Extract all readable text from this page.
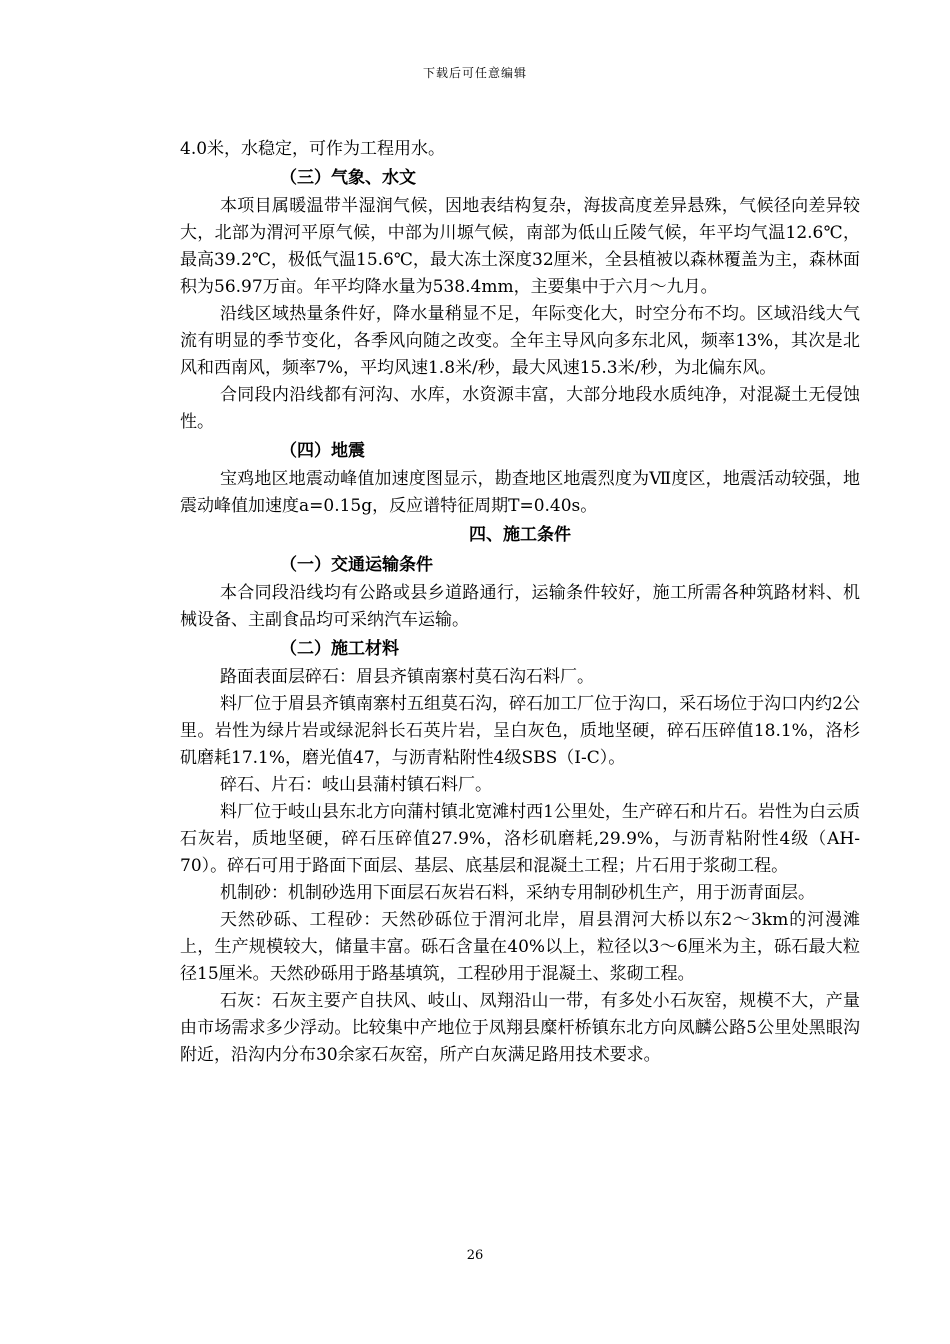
下载后可任意编辑

4.0米，水稳定，可作为工程用水。

（三）气象、水文

本项目属暖温带半湿润气候，因地表结构复杂，海拔高度差异悬殊，气候径向差异较大，北部为渭河平原气候，中部为川塬气候，南部为低山丘陵气候，年平均气温12.6℃，最高39.2℃，极低气温15.6℃，最大冻土深度32厘米，全县植被以森林覆盖为主，森林面积为56.97万亩。年平均降水量为538.4mm，主要集中于六月～九月。

沿线区域热量条件好，降水量稍显不足，年际变化大，时空分布不均。区域沿线大气流有明显的季节变化，各季风向随之改变。全年主导风向多东北风，频率13%，其次是北风和西南风，频率7%，平均风速1.8米/秒，最大风速15.3米/秒，为北偏东风。

合同段内沿线都有河沟、水库，水资源丰富，大部分地段水质纯净，对混凝土无侵蚀性。

（四）地震

宝鸡地区地震动峰值加速度图显示，勘查地区地震烈度为Ⅶ度区，地震活动较强，地震动峰值加速度a=0.15g，反应谱特征周期T=0.40s。

四、施工条件

（一）交通运输条件

本合同段沿线均有公路或县乡道路通行，运输条件较好，施工所需各种筑路材料、机械设备、主副食品均可采纳汽车运输。

（二）施工材料

路面表面层碎石：眉县齐镇南寨村莫石沟石料厂。

料厂位于眉县齐镇南寨村五组莫石沟，碎石加工厂位于沟口，采石场位于沟口内约2公里。岩性为绿片岩或绿泥斜长石英片岩，呈白灰色，质地坚硬，碎石压碎值18.1%，洛杉矶磨耗17.1%，磨光值47，与沥青粘附性4级SBS（I-C）。

碎石、片石：岐山县蒲村镇石料厂。

料厂位于岐山县东北方向蒲村镇北宽滩村西1公里处，生产碎石和片石。岩性为白云质石灰岩，质地坚硬，碎石压碎值27.9%，洛杉矶磨耗,29.9%，与沥青粘附性4级（AH-70）。碎石可用于路面下面层、基层、底基层和混凝土工程；片石用于浆砌工程。

机制砂：机制砂选用下面层石灰岩石料，采纳专用制砂机生产，用于沥青面层。

天然砂砾、工程砂：天然砂砾位于渭河北岸，眉县渭河大桥以东2～3km的河漫滩上，生产规模较大，储量丰富。砾石含量在40%以上，粒径以3～6厘米为主，砾石最大粒径15厘米。天然砂砾用于路基填筑，工程砂用于混凝土、浆砌工程。

石灰：石灰主要产自扶风、岐山、凤翔沿山一带，有多处小石灰窑，规模不大，产量由市场需求多少浮动。比较集中产地位于凤翔县糜杆桥镇东北方向凤麟公路5公里处黑眼沟附近，沿沟内分布30余家石灰窑，所产白灰满足路用技术要求。

26
